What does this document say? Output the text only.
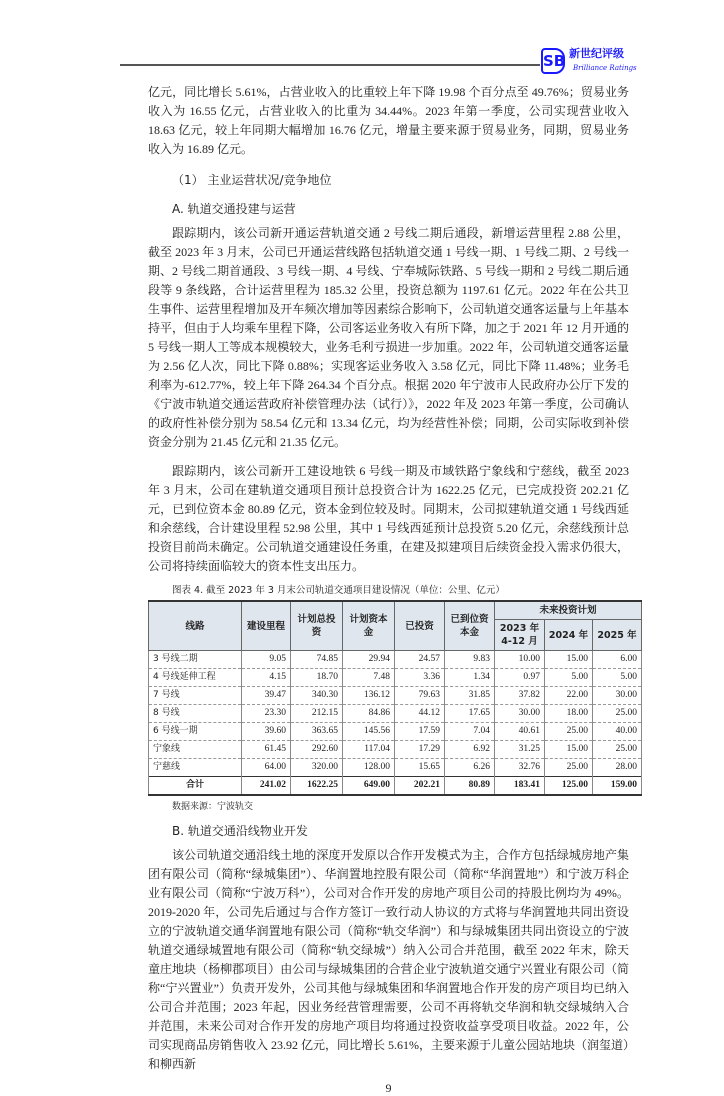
SB 新世纪评级
Brilliance Ratings

亿元，同比增长 5.61%，占营业收入的比重较上年下降 19.98 个百分点至 49.76%；贸易业务收入为 16.55 亿元，占营业收入的比重为 34.44%。2023 年第一季度，公司实现营业收入 18.63 亿元，较上年同期大幅增加 16.76 亿元，增量主要来源于贸易业务，同期，贸易业务收入为 16.89 亿元。

（1） 主业运营状况/竞争地位
A. 轨道交通投建与运营

跟踪期内，该公司新开通运营轨道交通 2 号线二期后通段，新增运营里程 2.88 公里，截至 2023 年 3 月末，公司已开通运营线路包括轨道交通 1 号线一期、1 号线二期、2 号线一期、2 号线二期首通段、3 号线一期、4 号线、宁奉城际铁路、5 号线一期和 2 号线二期后通段等 9 条线路，合计运营里程为 185.32 公里，投资总额为 1197.61 亿元。2022 年在公共卫生事件、运营里程增加及开车频次增加等因素综合影响下，公司轨道交通客运量与上年基本持平，但由于人均乘车里程下降，公司客运业务收入有所下降，加之于 2021 年 12 月开通的 5 号线一期人工等成本规模较大，业务毛利亏损进一步加重。2022 年，公司轨道交通客运量为 2.56 亿人次，同比下降 0.88%；实现客运业务收入 3.58 亿元，同比下降 11.48%；业务毛利率为-612.77%，较上年下降 264.34 个百分点。根据 2020 年宁波市人民政府办公厅下发的《宁波市轨道交通运营政府补偿管理办法（试行）》，2022 年及 2023 年第一季度，公司确认的政府性补偿分别为 58.54 亿元和 13.34 亿元，均为经营性补偿；同期，公司实际收到补偿资金分别为 21.45 亿元和 21.35 亿元。

跟踪期内，该公司新开工建设地铁 6 号线一期及市域铁路宁象线和宁慈线，截至 2023 年 3 月末，公司在建轨道交通项目预计总投资合计为 1622.25 亿元，已完成投资 202.21 亿元，已到位资本金 80.89 亿元，资本金到位较及时。同期末，公司拟建轨道交通 1 号线西延和余慈线，合计建设里程 52.98 公里，其中 1 号线西延预计总投资 5.20 亿元，余慈线预计总投资目前尚未确定。公司轨道交通建设任务重，在建及拟建项目后续资金投入需求仍很大，公司将持续面临较大的资本性支出压力。

图表 4. 截至 2023 年 3 月末公司轨道交通项目建设情况（单位：公里、亿元）
线路	建设里程	计划总投资	计划资本金	已投资	已到位资本金	未来投资计划		
						2023 年 4-12 月	2024 年	2025 年
3 号线二期	9.05	74.85	29.94	24.57	9.83	10.00	15.00	6.00
4 号线延伸工程	4.15	18.70	7.48	3.36	1.34	0.97	5.00	5.00
7 号线	39.47	340.30	136.12	79.63	31.85	37.82	22.00	30.00
8 号线	23.30	212.15	84.86	44.12	17.65	30.00	18.00	25.00
6 号线一期	39.60	363.65	145.56	17.59	7.04	40.61	25.00	40.00
宁象线	61.45	292.60	117.04	17.29	6.92	31.25	15.00	25.00
宁慈线	64.00	320.00	128.00	15.65	6.26	32.76	25.00	28.00
合计	241.02	1622.25	649.00	202.21	80.89	183.41	125.00	159.00
数据来源：宁波轨交
B. 轨道交通沿线物业开发

该公司轨道交通沿线土地的深度开发原以合作开发模式为主，合作方包括绿城房地产集团有限公司（简称“绿城集团”）、华润置地控股有限公司（简称“华润置地”）和宁波万科企业有限公司（简称“宁波万科”），公司对合作开发的房地产项目公司的持股比例均为 49%。2019-2020 年，公司先后通过与合作方签订一致行动人协议的方式将与华润置地共同出资设立的宁波轨道交通华润置地有限公司（简称“轨交华润”）和与绿城集团共同出资设立的宁波轨道交通绿城置地有限公司（简称“轨交绿城”）纳入公司合并范围，截至 2022 年末，除天童庄地块（杨柳郡项目）由公司与绿城集团的合营企业宁波轨道交通宁兴置业有限公司（简称“宁兴置业”）负责开发外，公司其他与绿城集团和华润置地合作开发的房产项目均已纳入公司合并范围；2023 年起，因业务经营管理需要，公司不再将轨交华润和轨交绿城纳入合并范围，未来公司对合作开发的房地产项目均将通过投资收益享受项目收益。2022 年，公司实现商品房销售收入 23.92 亿元，同比增长 5.61%，主要来源于儿童公园站地块（润玺道）和柳西新

9
